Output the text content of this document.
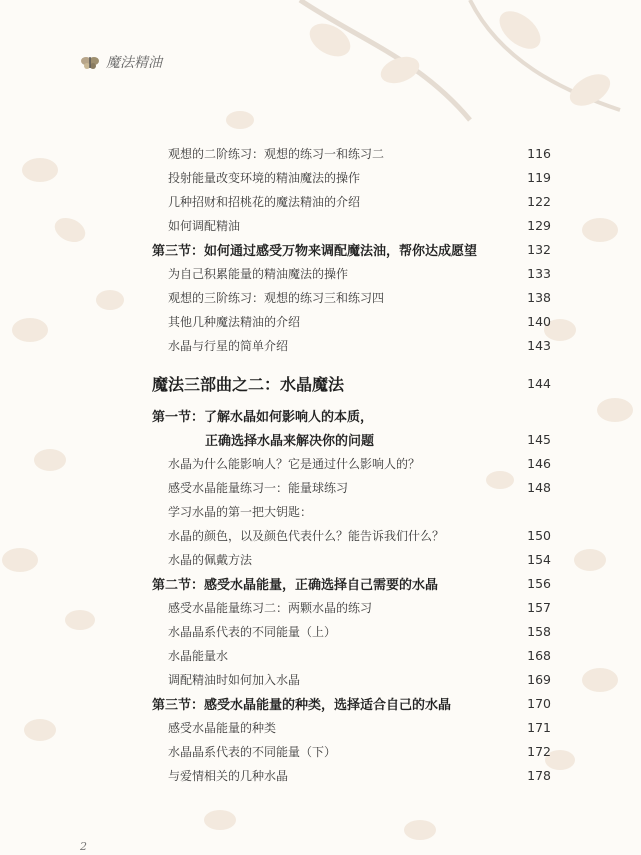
魔法精油
观想的二阶练习：观想的练习一和练习二	116
投射能量改变环境的精油魔法的操作	119
几种招财和招桃花的魔法精油的介绍	122
如何调配精油	129
第三节：如何通过感受万物来调配魔法油，帮你达成愿望	132
为自己积累能量的精油魔法的操作	133
观想的三阶练习：观想的练习三和练习四	138
其他几种魔法精油的介绍	140
水晶与行星的简单介绍	143
魔法三部曲之二：水晶魔法	144
第一节：了解水晶如何影响人的本质，
正确选择水晶来解决你的问题	145
水晶为什么能影响人？它是通过什么影响人的？	146
感受水晶能量练习一：能量球练习	148
学习水晶的第一把大钥匙：
水晶的颜色，以及颜色代表什么？能告诉我们什么？	150
水晶的佩戴方法	154
第二节：感受水晶能量，正确选择自己需要的水晶	156
感受水晶能量练习二：两颗水晶的练习	157
水晶晶系代表的不同能量（上）	158
水晶能量水	168
调配精油时如何加入水晶	169
第三节：感受水晶能量的种类，选择适合自己的水晶	170
感受水晶能量的种类	171
水晶晶系代表的不同能量（下）	172
与爱情相关的几种水晶	178
2
